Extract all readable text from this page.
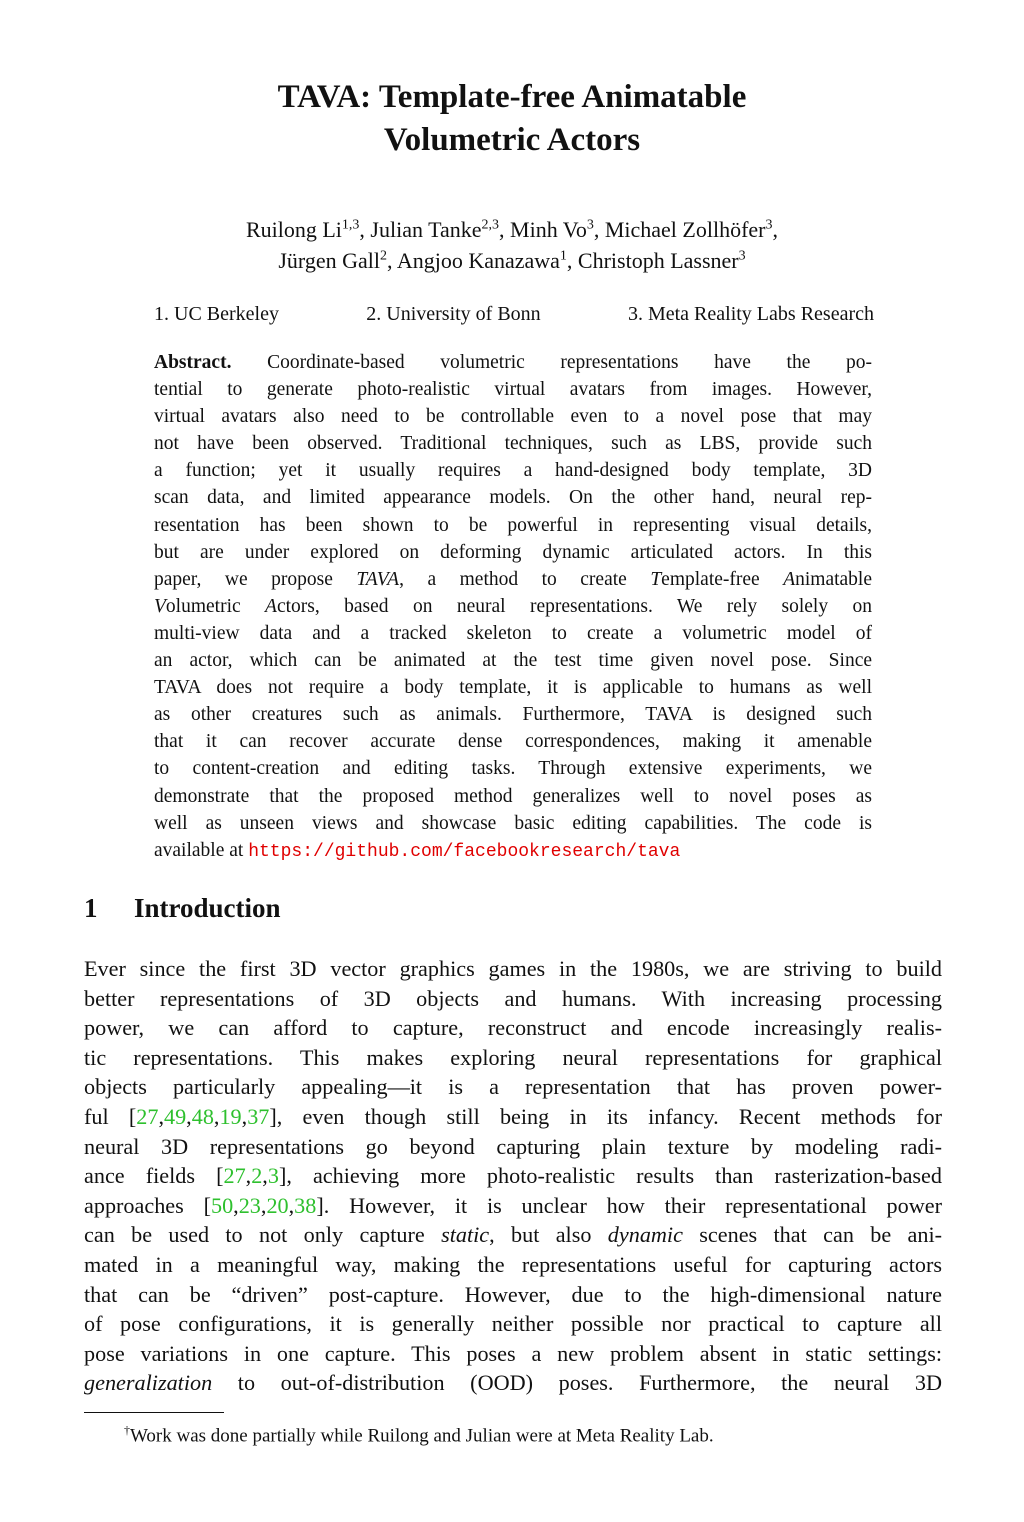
TAVA: Template-free Animatable
Volumetric Actors
Ruilong Li$^{1,3}$, Julian Tanke$^{2,3}$, Minh Vo$^3$, Michael Zollhöfer$^3$,
Jürgen Gall$^2$, Angjoo Kanazawa$^1$, Christoph Lassner$^3$
1. UC Berkeley	2. University of Bonn	3. Meta Reality Labs Research
Abstract. Coordinate-based volumetric representations have the po-
tential to generate photo-realistic virtual avatars from images. However,
virtual avatars also need to be controllable even to a novel pose that may
not have been observed. Traditional techniques, such as LBS, provide such
a function; yet it usually requires a hand-designed body template, 3D
scan data, and limited appearance models. On the other hand, neural rep-
resentation has been shown to be powerful in representing visual details,
but are under explored on deforming dynamic articulated actors. In this
paper, we propose TAVA, a method to create Template-free Animatable
Volumetric Actors, based on neural representations. We rely solely on
multi-view data and a tracked skeleton to create a volumetric model of
an actor, which can be animated at the test time given novel pose. Since
TAVA does not require a body template, it is applicable to humans as well
as other creatures such as animals. Furthermore, TAVA is designed such
that it can recover accurate dense correspondences, making it amenable
to content-creation and editing tasks. Through extensive experiments, we
demonstrate that the proposed method generalizes well to novel poses as
well as unseen views and showcase basic editing capabilities. The code is
available at https://github.com/facebookresearch/tava
1 Introduction
Ever since the first 3D vector graphics games in the 1980s, we are striving to build
better representations of 3D objects and humans. With increasing processing
power, we can afford to capture, reconstruct and encode increasingly realis-
tic representations. This makes exploring neural representations for graphical
objects particularly appealing—it is a representation that has proven power-
ful [27,49,48,19,37], even though still being in its infancy. Recent methods for
neural 3D representations go beyond capturing plain texture by modeling radi-
ance fields [27,2,3], achieving more photo-realistic results than rasterization-based
approaches [50,23,20,38]. However, it is unclear how their representational power
can be used to not only capture static, but also dynamic scenes that can be ani-
mated in a meaningful way, making the representations useful for capturing actors
that can be “driven” post-capture. However, due to the high-dimensional nature
of pose configurations, it is generally neither possible nor practical to capture all
pose variations in one capture. This poses a new problem absent in static settings:
generalization to out-of-distribution (OOD) poses. Furthermore, the neural 3D
†Work was done partially while Ruilong and Julian were at Meta Reality Lab.
